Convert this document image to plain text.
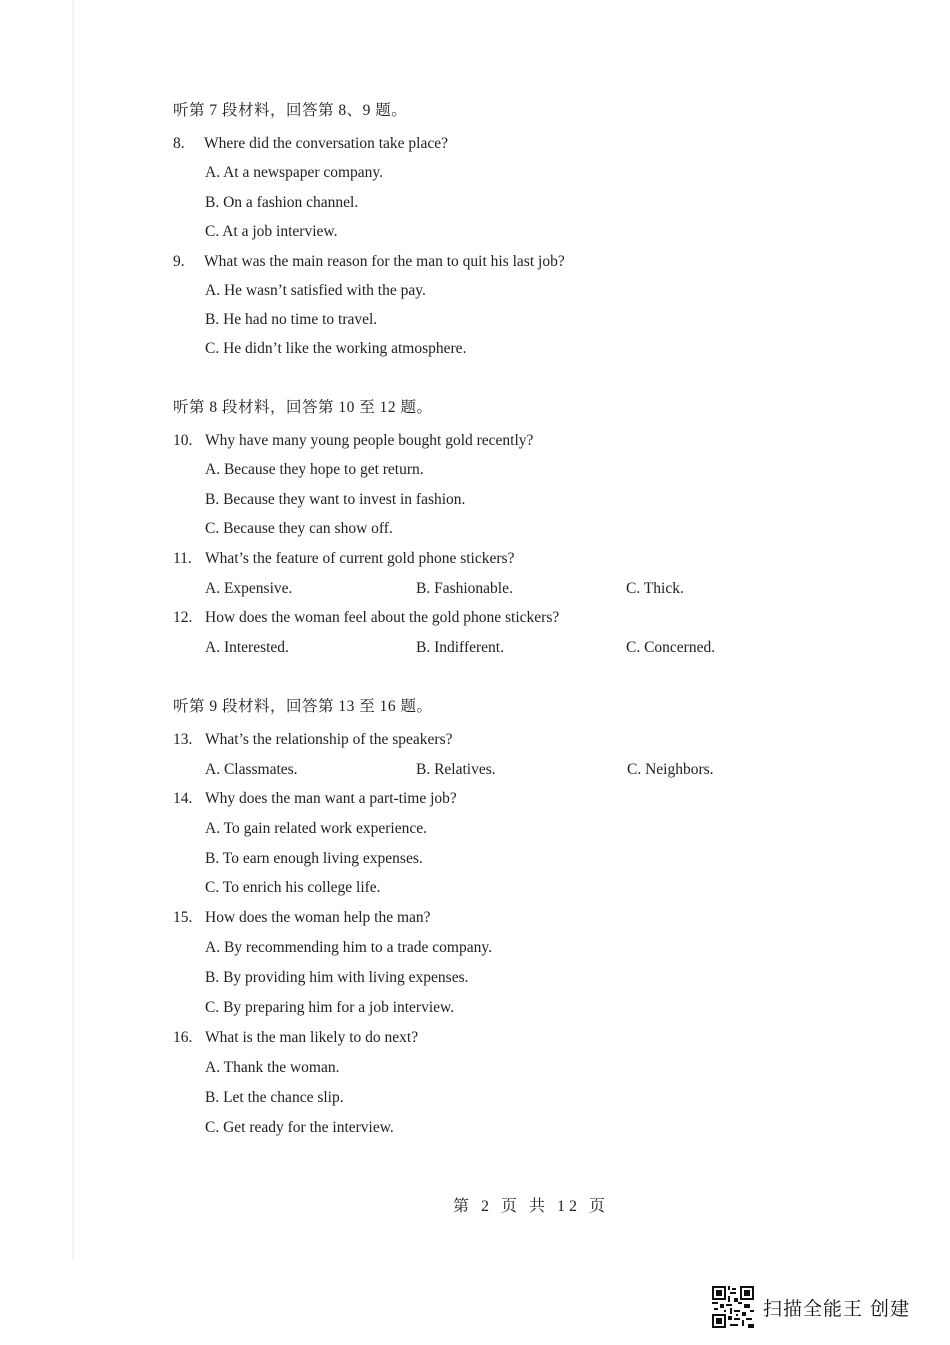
听第 7 段材料，回答第 8、9 题。
8. Where did the conversation take place?
A. At a newspaper company.
B. On a fashion channel.
C. At a job interview.
9. What was the main reason for the man to quit his last job?
A. He wasn’t satisfied with the pay.
B. He had no time to travel.
C. He didn’t like the working atmosphere.
听第 8 段材料，回答第 10 至 12 题。
10. Why have many young people bought gold recently?
A. Because they hope to get return.
B. Because they want to invest in fashion.
C. Because they can show off.
11. What’s the feature of current gold phone stickers?
A. Expensive.	B. Fashionable.	C. Thick.
12. How does the woman feel about the gold phone stickers?
A. Interested.	B. Indifferent.	C. Concerned.
听第 9 段材料，回答第 13 至 16 题。
13. What’s the relationship of the speakers?
A. Classmates.	B. Relatives.	C. Neighbors.
14. Why does the man want a part-time job?
A. To gain related work experience.
B. To earn enough living expenses.
C. To enrich his college life.
15. How does the woman help the man?
A. By recommending him to a trade company.
B. By providing him with living expenses.
C. By preparing him for a job interview.
16. What is the man likely to do next?
A. Thank the woman.
B. Let the chance slip.
C. Get ready for the interview.
第 2 页 共 12 页
扫描全能王 创建
